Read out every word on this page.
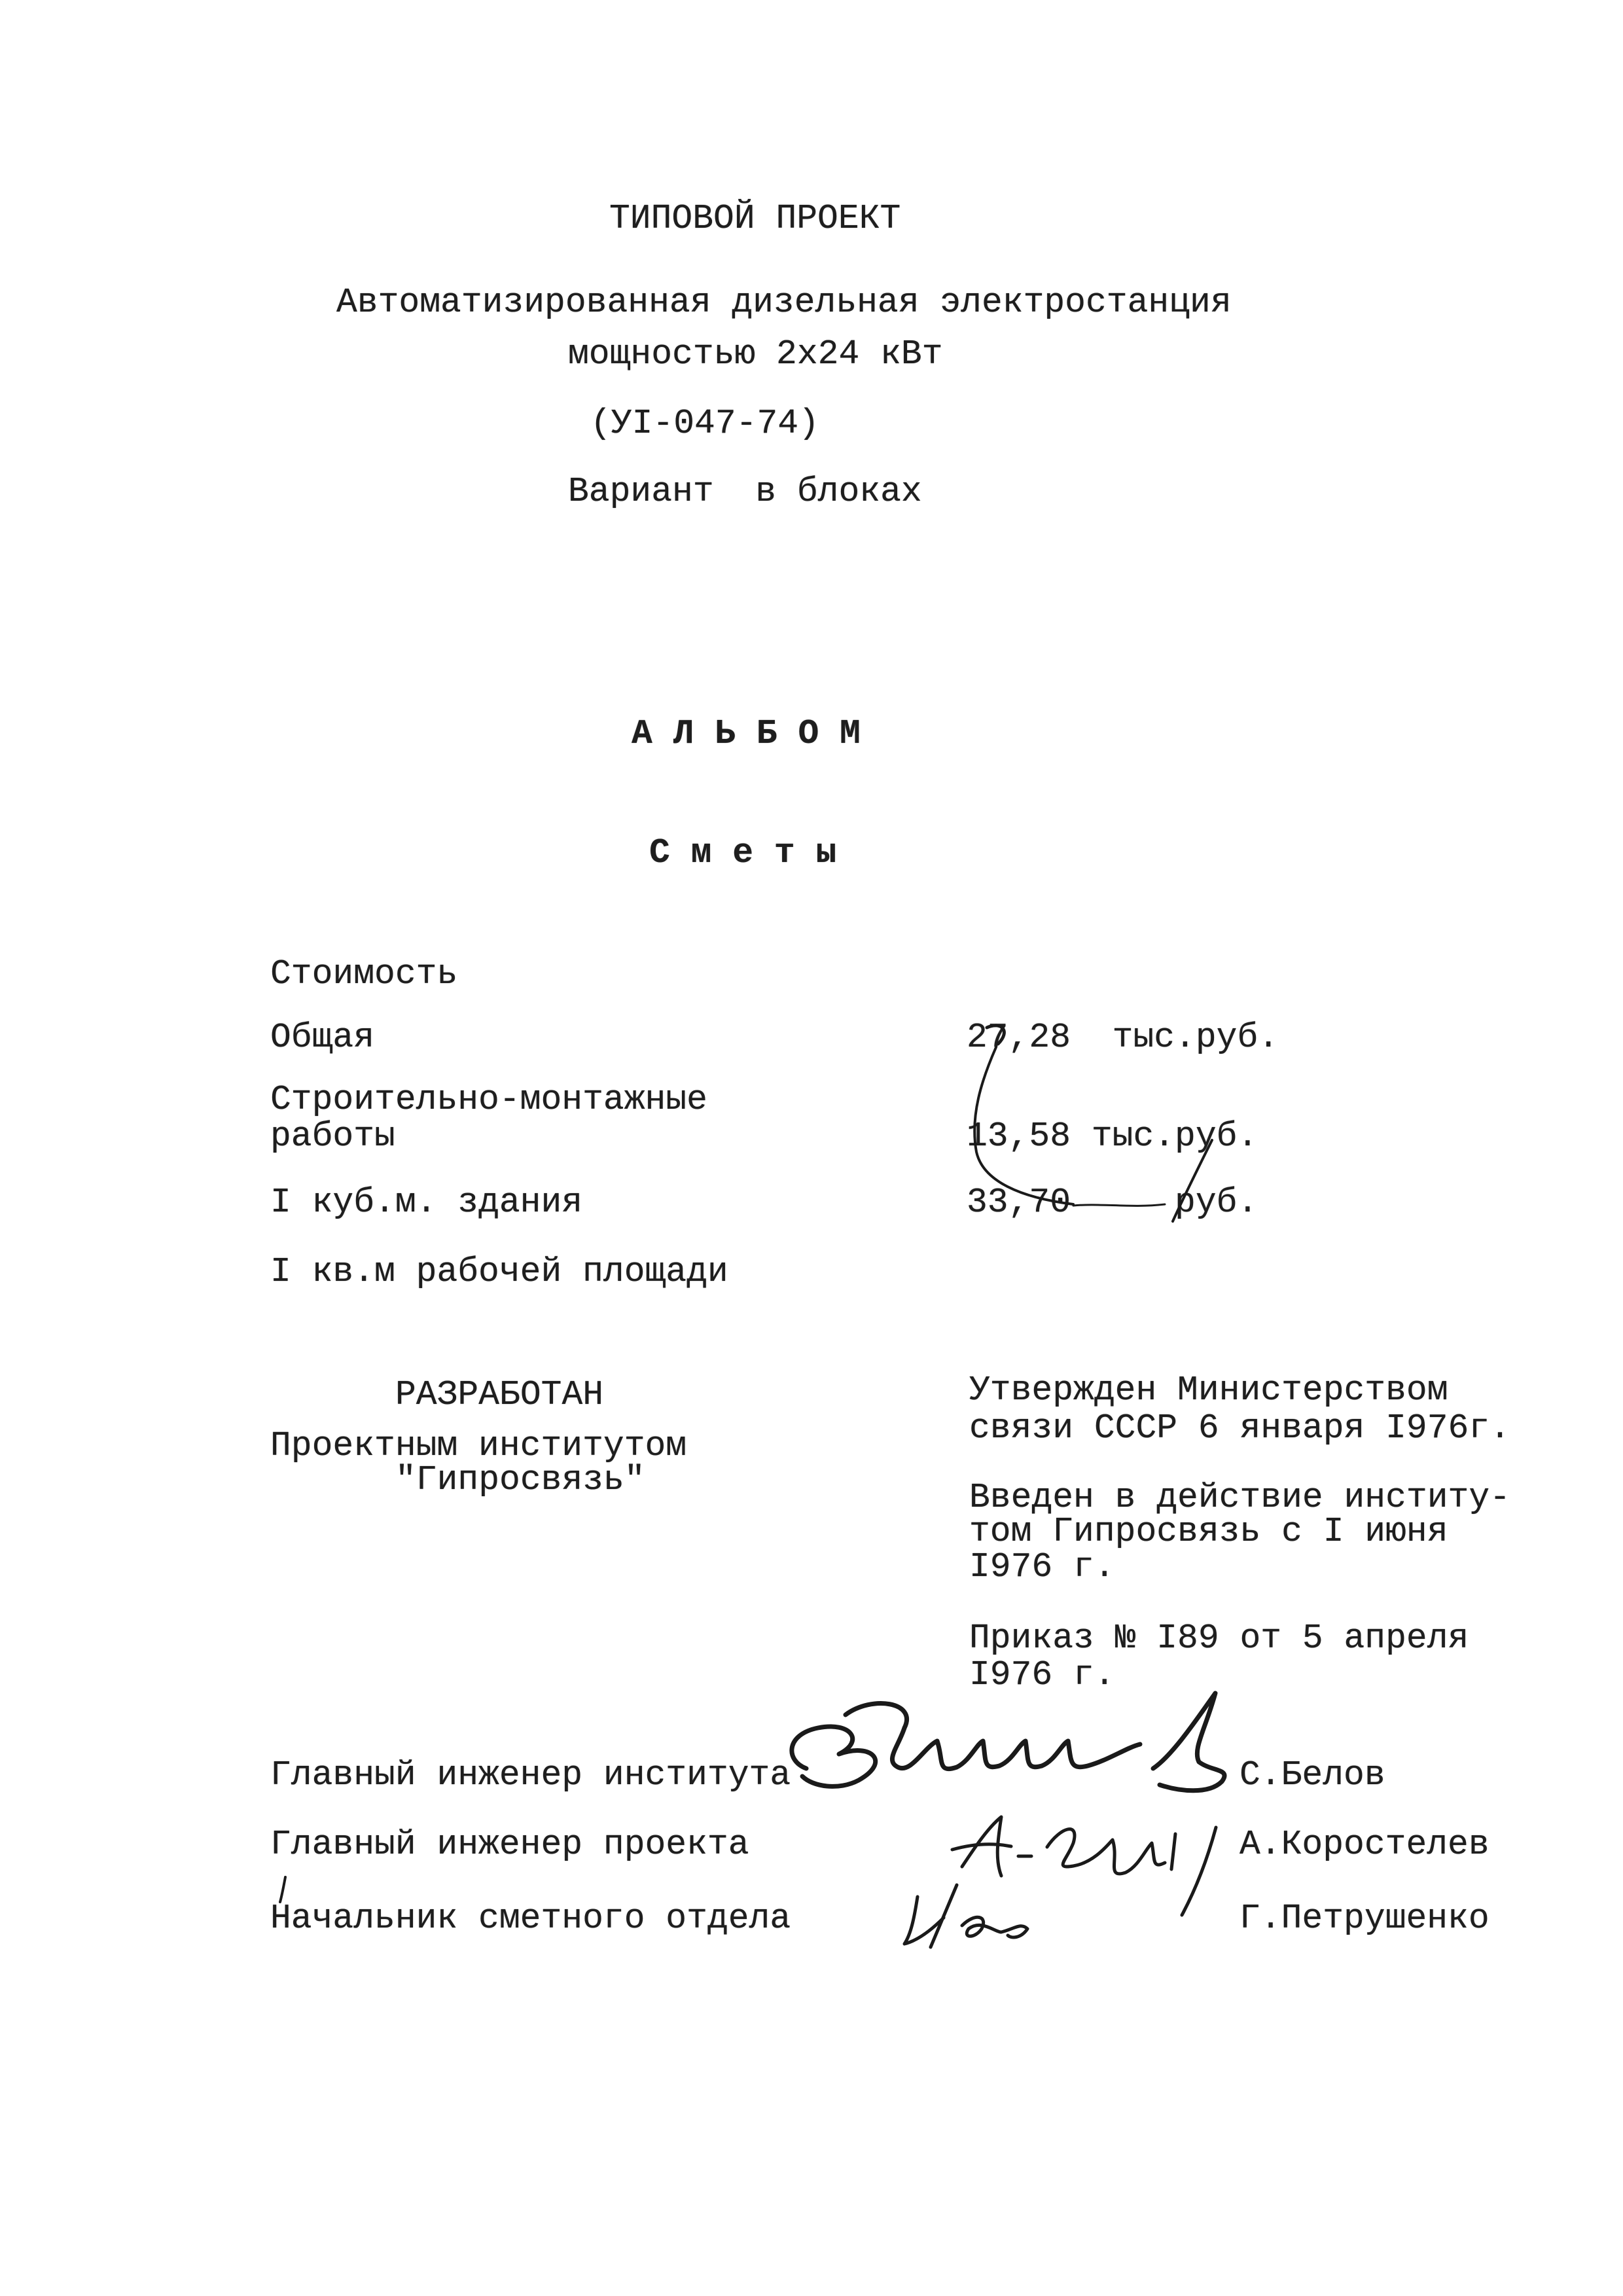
ТИПОВОЙ ПРОЕКТ
Автоматизированная дизельная электростанция
мощностью 2х24 кВт
(УI-047-74)
Вариант  в блоках
А Л Ь Б О М
С м е т ы
Стоимость
Общая	27,28  тыс.руб.
Строительно-монтажные
работы	13,58 тыс.руб.
I куб.м. здания	33,70     руб.
I кв.м рабочей площади
РАЗРАБОТАН
Проектным институтом
"Гипросвязь"
Утвержден Министерством
связи СССР 6 января I976г.
Введен в действие институ-
том Гипросвязь с I июня
I976 г.
Приказ № I89 от 5 апреля
I976 г.
Главный инженер института	С.Белов
Главный инженер проекта	А.Коростелев
Начальник сметного отдела	Г.Петрушенко
